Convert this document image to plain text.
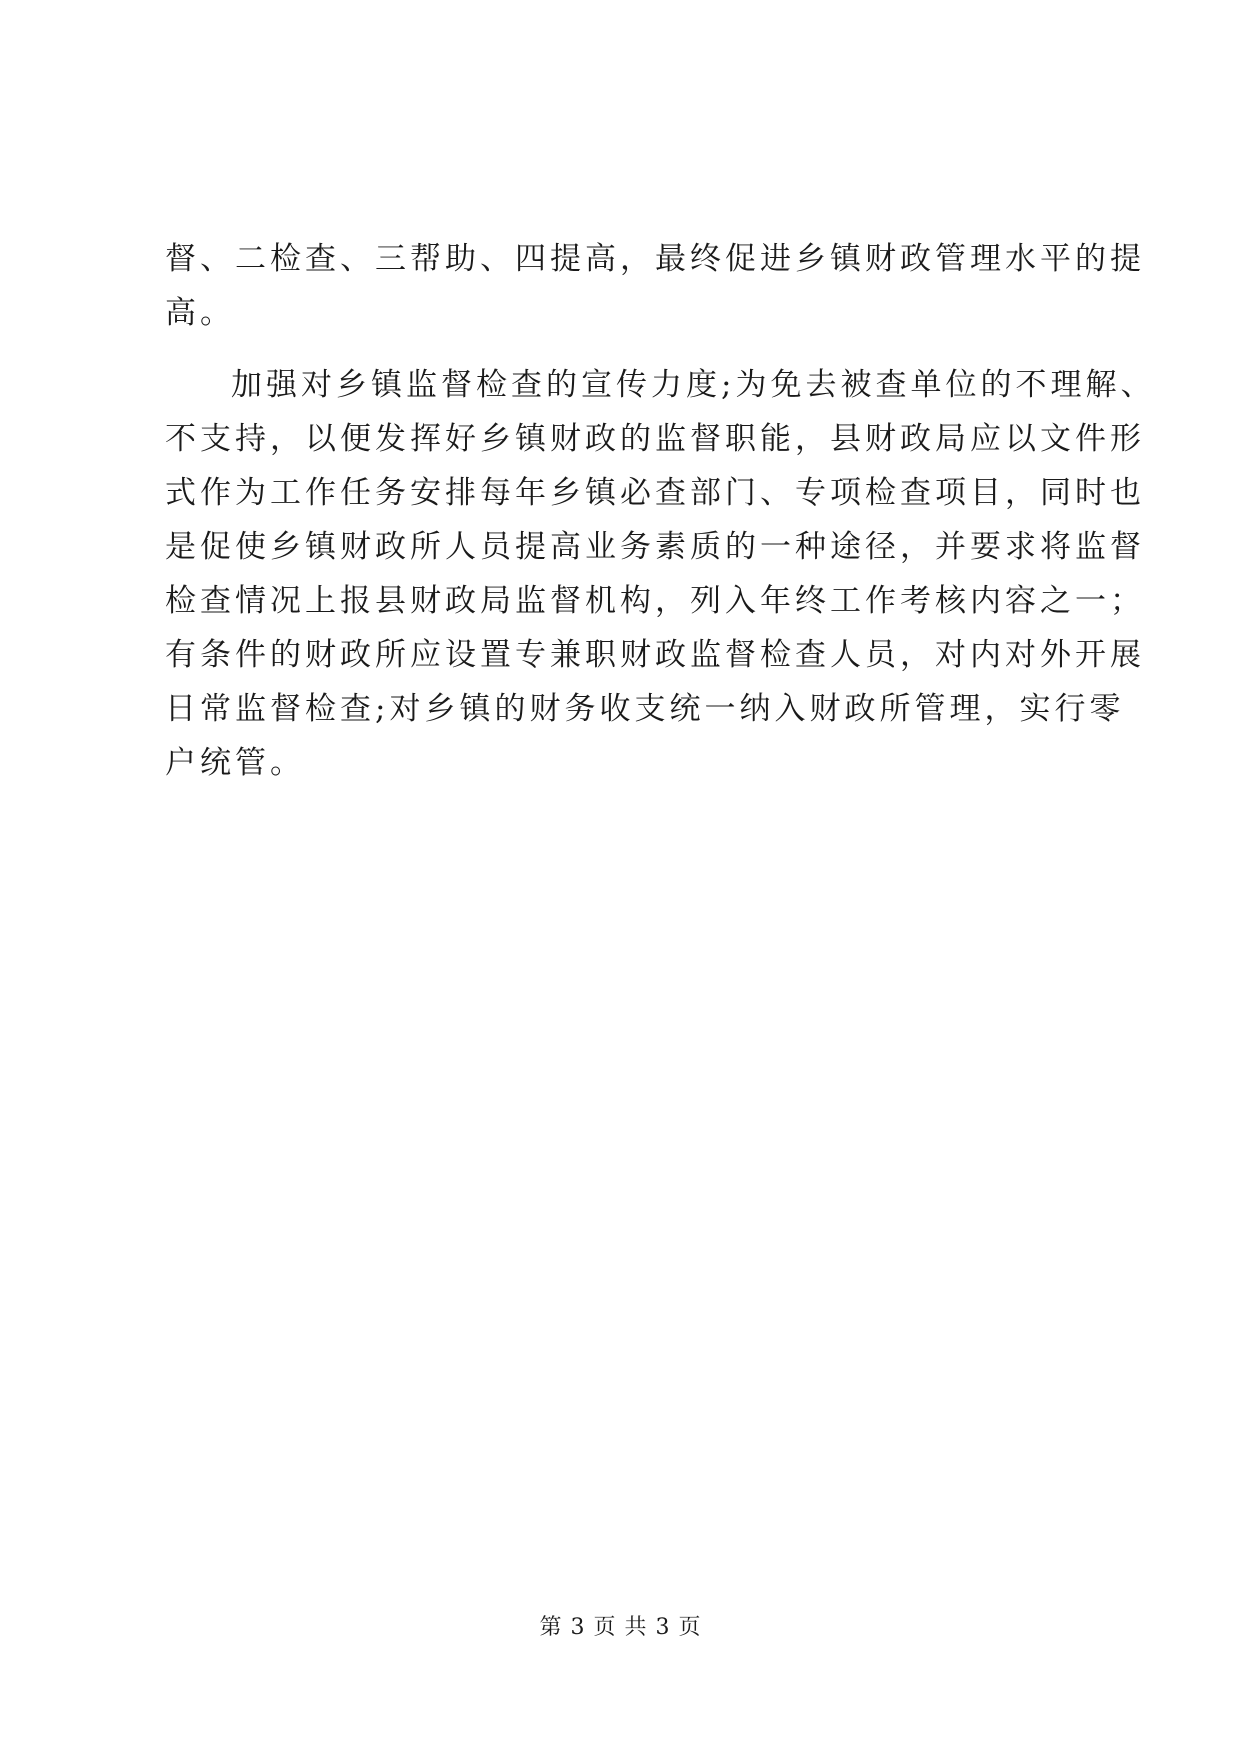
督、二检查、三帮助、四提高，最终促进乡镇财政管理水平的提
高。
加强对乡镇监督检查的宣传力度;为免去被查单位的不理解、
不支持，以便发挥好乡镇财政的监督职能，县财政局应以文件形
式作为工作任务安排每年乡镇必查部门、专项检查项目，同时也
是促使乡镇财政所人员提高业务素质的一种途径，并要求将监督
检查情况上报县财政局监督机构，列入年终工作考核内容之一；
有条件的财政所应设置专兼职财政监督检查人员，对内对外开展
日常监督检查;对乡镇的财务收支统一纳入财政所管理，实行零
户统管。
第 3 页 共 3 页
